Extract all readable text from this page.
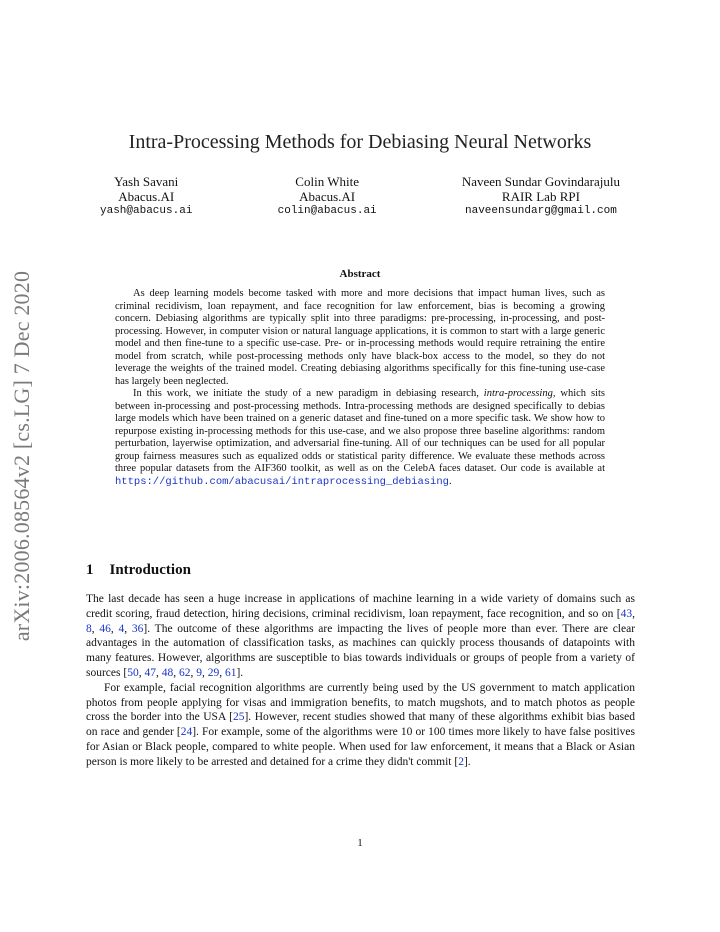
arXiv:2006.08564v2 [cs.LG] 7 Dec 2020
Intra-Processing Methods for Debiasing Neural Networks
Yash Savani
Abacus.AI
yash@abacus.ai
Colin White
Abacus.AI
colin@abacus.ai
Naveen Sundar Govindarajulu
RAIR Lab RPI
naveensundarg@gmail.com
Abstract

As deep learning models become tasked with more and more decisions that impact human lives, such as criminal recidivism, loan repayment, and face recognition for law enforcement, bias is becoming a growing concern. Debiasing algorithms are typically split into three paradigms: pre-processing, in-processing, and post-processing. However, in computer vision or natural language applications, it is common to start with a large generic model and then fine-tune to a specific use-case. Pre- or in-processing methods would require retraining the entire model from scratch, while post-processing methods only have black-box access to the model, so they do not leverage the weights of the trained model. Creating debiasing algorithms specifically for this fine-tuning use-case has largely been neglected.

In this work, we initiate the study of a new paradigm in debiasing research, intra-processing, which sits between in-processing and post-processing methods. Intra-processing methods are designed specifically to debias large models which have been trained on a generic dataset and fine-tuned on a more specific task. We show how to repurpose existing in-processing methods for this use-case, and we also propose three baseline algorithms: random perturbation, layerwise optimization, and adversarial fine-tuning. All of our techniques can be used for all popular group fairness measures such as equalized odds or statistical parity difference. We evaluate these methods across three popular datasets from the AIF360 toolkit, as well as on the CelebA faces dataset. Our code is available at https://github.com/abacusai/intraprocessing_debiasing.

1 Introduction

The last decade has seen a huge increase in applications of machine learning in a wide variety of domains such as credit scoring, fraud detection, hiring decisions, criminal recidivism, loan repayment, face recognition, and so on [43, 8, 46, 4, 36]. The outcome of these algorithms are impacting the lives of people more than ever. There are clear advantages in the automation of classification tasks, as machines can quickly process thousands of datapoints with many features. However, algorithms are susceptible to bias towards individuals or groups of people from a variety of sources [50, 47, 48, 62, 9, 29, 61].

For example, facial recognition algorithms are currently being used by the US government to match application photos from people applying for visas and immigration benefits, to match mugshots, and to match photos as people cross the border into the USA [25]. However, recent studies showed that many of these algorithms exhibit bias based on race and gender [24]. For example, some of the algorithms were 10 or 100 times more likely to have false positives for Asian or Black people, compared to white people. When used for law enforcement, it means that a Black or Asian person is more likely to be arrested and detained for a crime they didn't commit [2].

1
